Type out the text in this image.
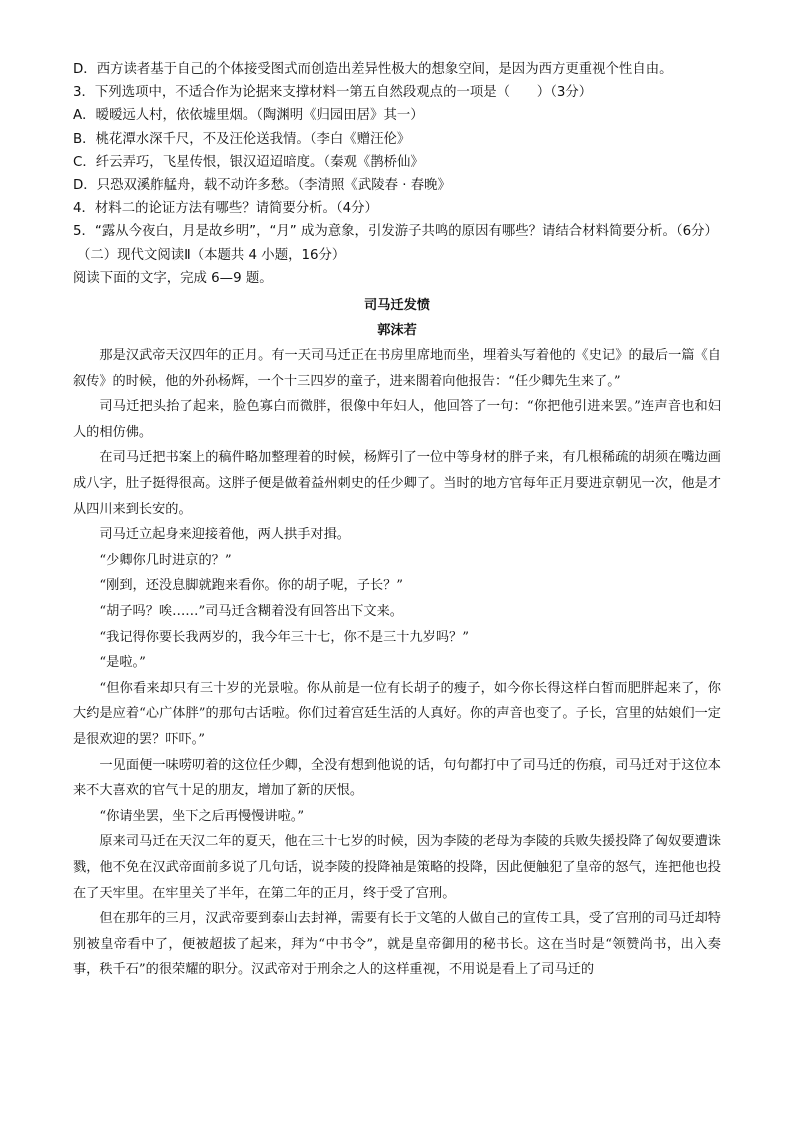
D．西方读者基于自己的个体接受图式而创造出差异性极大的想象空间，是因为西方更重视个性自由。
3．下列选项中，不适合作为论据来支撑材料一第五自然段观点的一项是（　　）（3分）
A．暧暧远人村，依依墟里烟。（陶渊明《归园田居》其一）
B．桃花潭水深千尺，不及汪伦送我情。（李白《赠汪伦》
C．纤云弄巧，飞星传恨，银汉迢迢暗度。（秦观《鹊桥仙》
D．只恐双溪舴艋舟，载不动许多愁。（李清照《武陵春 · 春晚》
4．材料二的论证方法有哪些？请简要分析。（4分）
5．“露从今夜白，月是故乡明”，“月” 成为意象，引发游子共鸣的原因有哪些？请结合材料简要分析。（6分）
（二）现代文阅读Ⅱ（本题共 4 小题，16分）
阅读下面的文字，完成 6—9 题。
司马迁发愤
郭沫若

那是汉武帝天汉四年的正月。有一天司马迁正在书房里席地而坐，埋着头写着他的《史记》的最后一篇《自叙传》的时候，他的外孙杨辉，一个十三四岁的童子，进来閤着向他报告：“任少卿先生来了。”

司马迁把头抬了起来，脸色寡白而微胖，很像中年妇人，他回答了一句：“你把他引进来罢。”连声音也和妇人的相仿佛。

在司马迁把书案上的稿件略加整理着的时候，杨辉引了一位中等身材的胖子来，有几根稀疏的胡须在嘴边画成八字，肚子挺得很高。这胖子便是做着益州刺史的任少卿了。当时的地方官每年正月要进京朝见一次，他是才从四川来到长安的。

司马迁立起身来迎接着他，两人拱手对揖。

“少卿你几时进京的？”

“刚到，还没息脚就跑来看你。你的胡子呢，子长？”

“胡子吗？唉……”司马迁含糊着没有回答出下文来。

“我记得你要长我两岁的，我今年三十七，你不是三十九岁吗？”

“是啦。”

“但你看来却只有三十岁的光景啦。你从前是一位有长胡子的瘦子，如今你长得这样白皙而肥胖起来了，你大约是应着“心广体胖”的那句古话啦。你们过着宫廷生活的人真好。你的声音也变了。子长，宫里的姑娘们一定是很欢迎的罢？吓吓。”

一见面便一味唠叨着的这位任少卿，全没有想到他说的话，句句都打中了司马迁的伤痕，司马迁对于这位本来不大喜欢的官气十足的朋友，增加了新的厌恨。

“你请坐罢，坐下之后再慢慢讲啦。”

原来司马迁在天汉二年的夏天，他在三十七岁的时候，因为李陵的老母为李陵的兵败失援投降了匈奴要遭诛戮，他不免在汉武帝面前多说了几句话，说李陵的投降袖是策略的投降，因此便触犯了皇帝的怒气，连把他也投在了天牢里。在牢里关了半年，在第二年的正月，终于受了宫刑。

但在那年的三月，汉武帝要到泰山去封禅，需要有长于文笔的人做自己的宣传工具，受了宫刑的司马迁却特别被皇帝看中了，便被超拔了起来，拜为“中书令”，就是皇帝御用的秘书长。这在当时是“领赞尚书，出入奏事，秩千石”的很荣耀的职分。汉武帝对于刑余之人的这样重视，不用说是看上了司马迁的
